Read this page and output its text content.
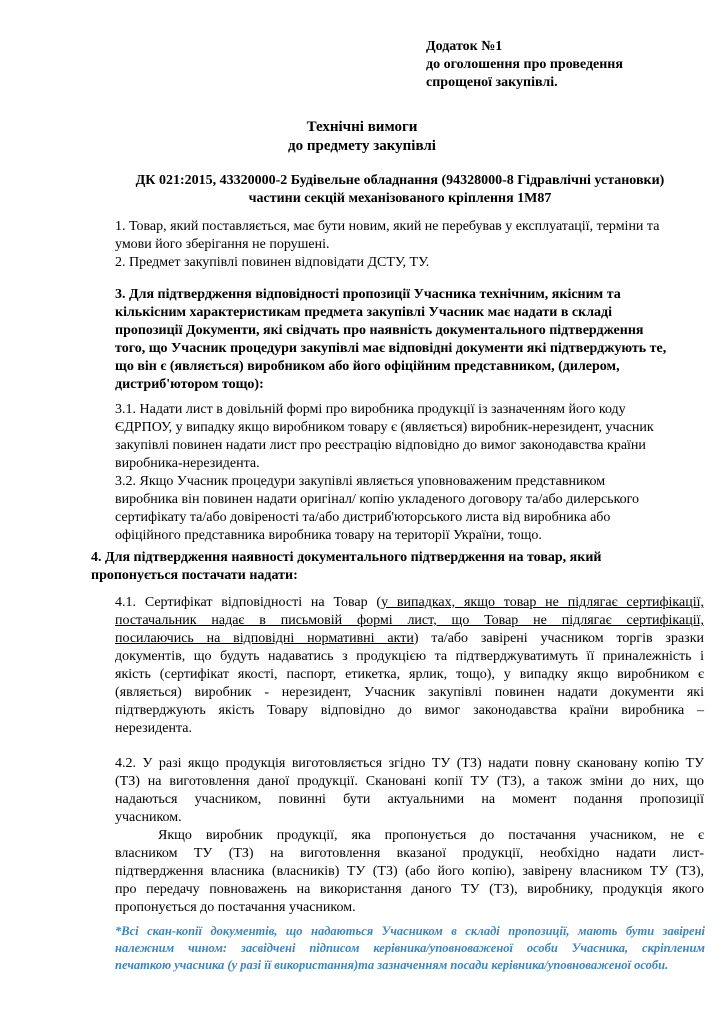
Додаток №1
до оголошення про проведення
спрощеної закупівлі.
Технічні вимоги
до предмету закупівлі
ДК 021:2015, 43320000-2 Будівельне обладнання (94328000-8 Гідравлічні установки)
частини секцій механізованого кріплення 1М87
1. Товар, який поставляється, має бути новим, який не перебував у експлуатації, терміни та
умови його зберігання не порушені.
2. Предмет закупівлі повинен відповідати ДСТУ, ТУ.
3. Для підтвердження відповідності пропозиції Учасника технічним, якісним та
кількісним характеристикам предмета закупівлі Учасник має надати в складі
пропозиції Документи, які свідчать про наявність документального підтвердження
того, що Учасник процедури закупівлі має відповідні документи які підтверджують те,
що він є (являється) виробником або його офіційним представником, (дилером,
дистриб'ютором тощо):
3.1. Надати лист в довільній формі про виробника продукції із зазначенням його коду
ЄДРПОУ, у випадку якщо виробником товару є (являється) виробник-нерезидент, учасник
закупівлі повинен надати лист про реєстрацію відповідно до вимог законодавства країни
виробника-нерезидента.
3.2. Якщо Учасник процедури закупівлі являється уповноваженим представником
виробника він повинен надати оригінал/ копію укладеного договору та/або дилерського
сертифікату та/або довіреності та/або дистриб'юторського листа від виробника або
офіційного представника виробника товару на території України, тощо.
4. Для підтвердження наявності документального підтвердження на товар, який
пропонується постачати надати:
4.1. Сертифікат відповідності на Товар (у випадках, якщо товар не підлягає сертифікації,
постачальник надає в письмовій формі лист, що Товар не підлягає сертифікації,
посилаючись на відповідні нормативні акти) та/або завірені учасником торгів зразки
документів, що будуть надаватись з продукцією та підтверджуватимуть її приналежність і
якість (сертифікат якості, паспорт, етикетка, ярлик, тощо), у випадку якщо виробником є
(являється) виробник - нерезидент, Учасник закупівлі повинен надати документи які
підтверджують якість Товару відповідно до вимог законодавства країни виробника –
нерезидента.
4.2. У разі якщо продукція виготовляється згідно ТУ (ТЗ) надати повну скановану копію ТУ
(ТЗ) на виготовлення даної продукції. Скановані копії ТУ (ТЗ), а також зміни до них, що
надаються учасником, повинні бути актуальними на момент подання пропозиції
учасником.
Якщо виробник продукції, яка пропонується до постачання учасником, не є
власником ТУ (ТЗ) на виготовлення вказаної продукції, необхідно надати лист-
підтвердження власника (власників) ТУ (ТЗ) (або його копію), завірену власником ТУ (ТЗ),
про передачу повноважень на використання даного ТУ (ТЗ), виробнику, продукція якого
пропонується до постачання учасником.
*Всі скан-копії документів, що надаються Учасником в складі пропозиції, мають бути завірені
належним чином: засвідчені підписом керівника/уповноваженої особи Учасника, скріпленим
печаткою учасника (у разі її використання)та зазначенням посади керівника/уповноваженої особи.
